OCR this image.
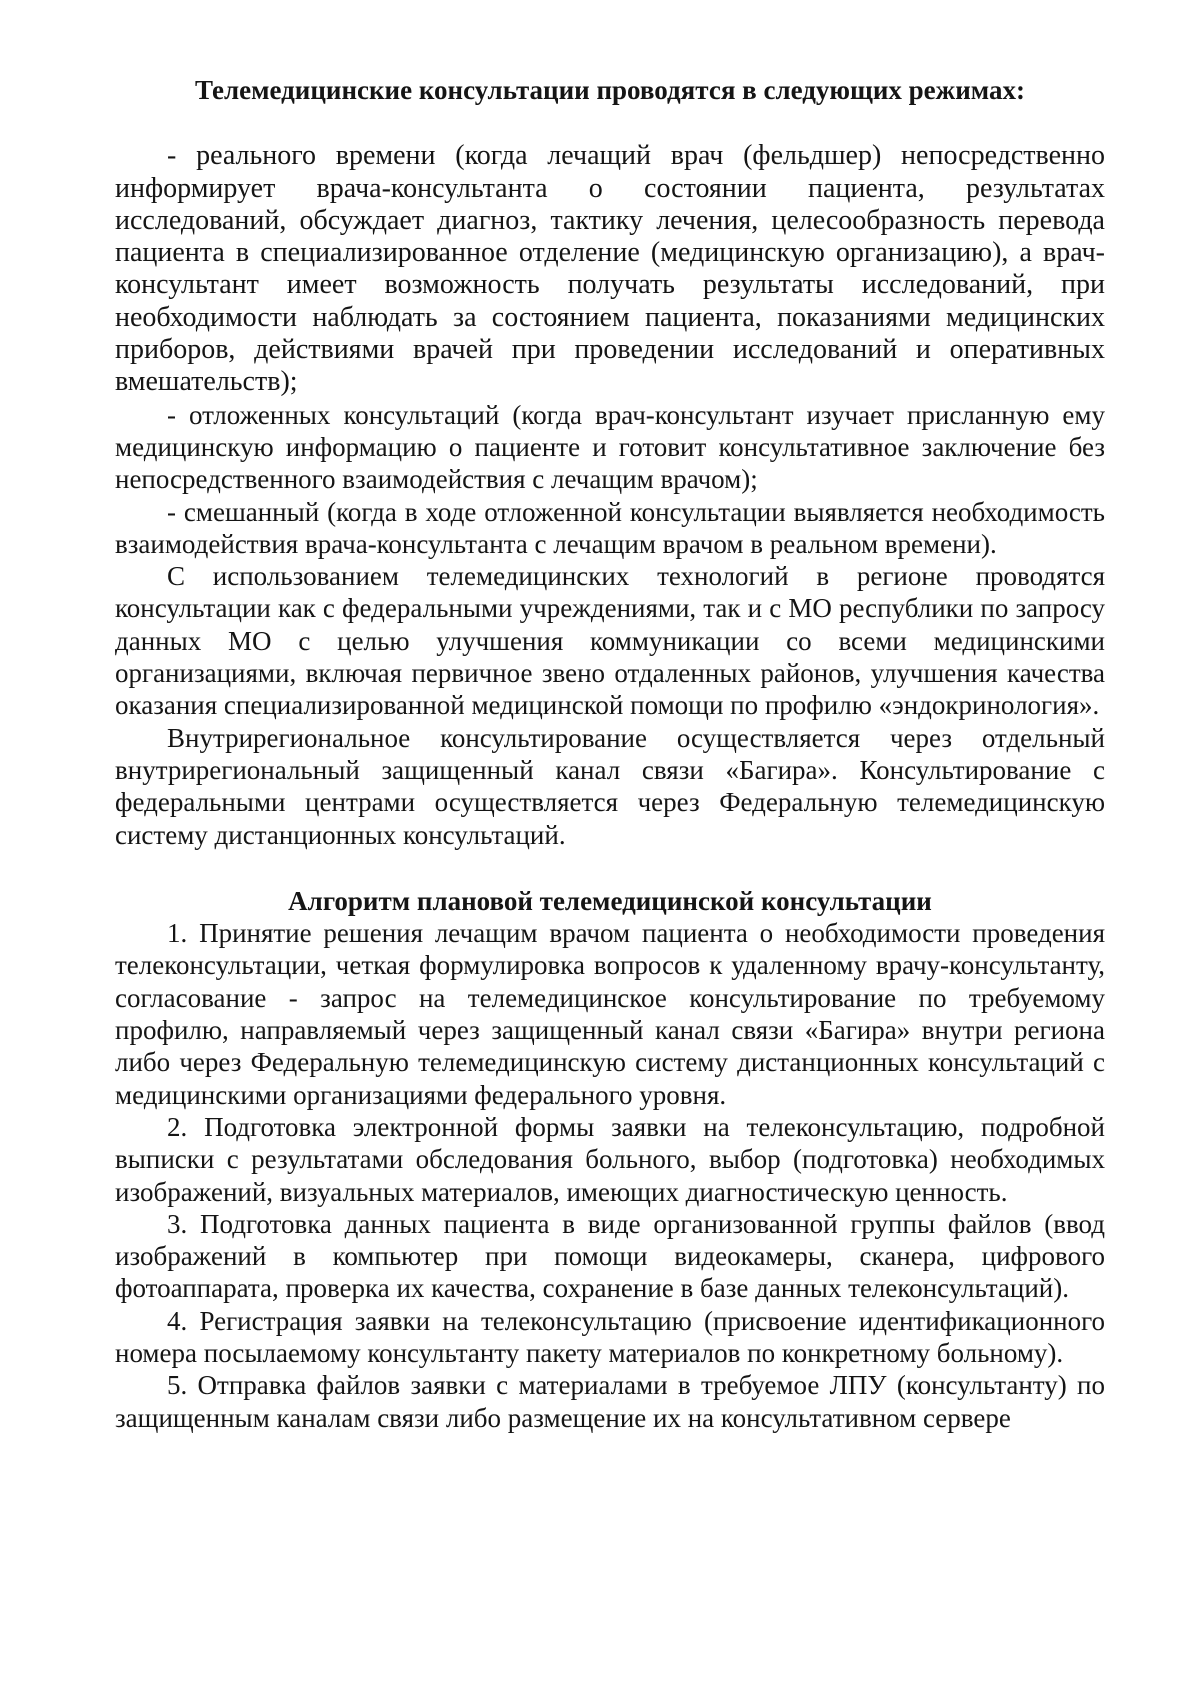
Телемедицинские консультации проводятся в следующих режимах:

- реального времени (когда лечащий врач (фельдшер) непосредственно информирует врача-консультанта о состоянии пациента, результатах исследований, обсуждает диагноз, тактику лечения, целесообразность перевода пациента в специализированное отделение (медицинскую организацию), а врач-консультант имеет возможность получать результаты исследований, при необходимости наблюдать за состоянием пациента, показаниями медицинских приборов, действиями врачей при проведении исследований и оперативных вмешательств);

- отложенных консультаций (когда врач-консультант изучает присланную ему медицинскую информацию о пациенте и готовит консультативное заключение без непосредственного взаимодействия с лечащим врачом);

- смешанный (когда в ходе отложенной консультации выявляется необходимость взаимодействия врача-консультанта с лечащим врачом в реальном времени).

С использованием телемедицинских технологий в регионе проводятся консультации как с федеральными учреждениями, так и с МО республики по запросу данных МО с целью улучшения коммуникации со всеми медицинскими организациями, включая первичное звено отдаленных районов, улучшения качества оказания специализированной медицинской помощи по профилю «эндокринология».

Внутрирегиональное консультирование осуществляется через отдельный внутрирегиональный защищенный канал связи «Багира». Консультирование с федеральными центрами осуществляется через Федеральную телемедицинскую систему дистанционных консультаций.

Алгоритм плановой телемедицинской консультации

1. Принятие решения лечащим врачом пациента о необходимости проведения телеконсультации, четкая формулировка вопросов к удаленному врачу-консультанту, согласование - запрос на телемедицинское консультирование по требуемому профилю, направляемый через защищенный канал связи «Багира» внутри региона либо через Федеральную телемедицинскую систему дистанционных консультаций с медицинскими организациями федерального уровня.

2. Подготовка электронной формы заявки на телеконсультацию, подробной выписки с результатами обследования больного, выбор (подготовка) необходимых изображений, визуальных материалов, имеющих диагностическую ценность.

3. Подготовка данных пациента в виде организованной группы файлов (ввод изображений в компьютер при помощи видеокамеры, сканера, цифрового фотоаппарата, проверка их качества, сохранение в базе данных телеконсультаций).

4. Регистрация заявки на телеконсультацию (присвоение идентификационного номера посылаемому консультанту пакету материалов по конкретному больному).

5. Отправка файлов заявки с материалами в требуемое ЛПУ (консультанту) по защищенным каналам связи либо размещение их на консультативном сервере
